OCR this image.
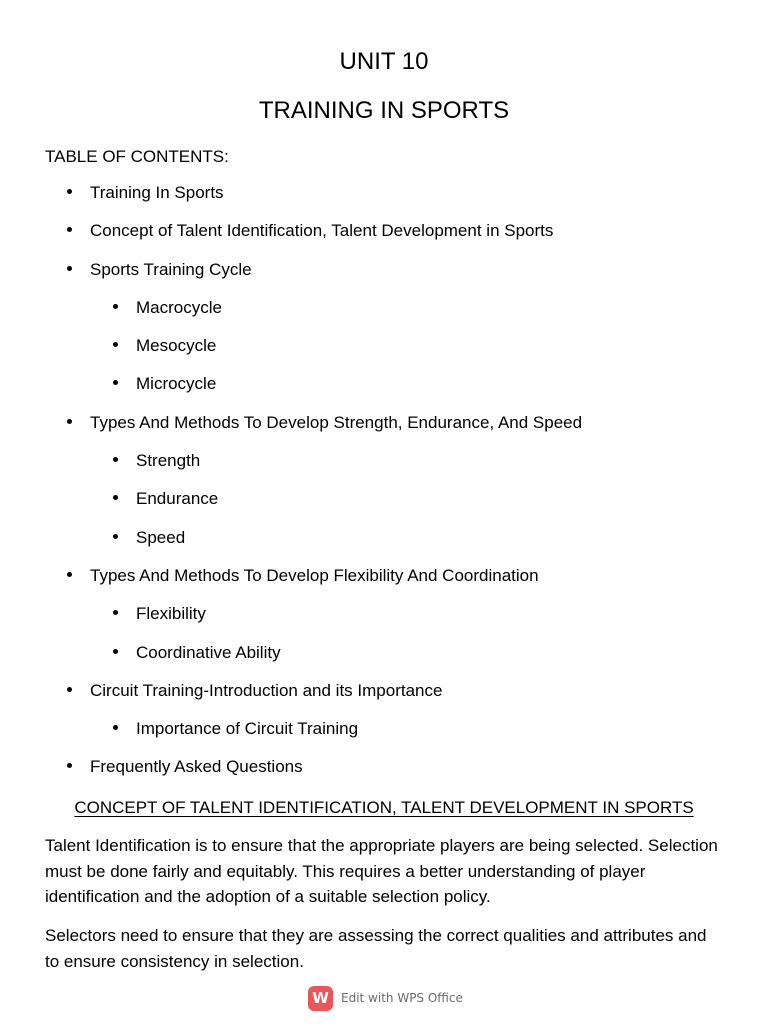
UNIT 10
TRAINING IN SPORTS
TABLE OF CONTENTS:
Training In Sports
Concept of Talent Identification, Talent Development in Sports
Sports Training Cycle
Macrocycle
Mesocycle
Microcycle
Types And Methods To Develop Strength, Endurance, And Speed
Strength
Endurance
Speed
Types And Methods To Develop Flexibility And Coordination
Flexibility
Coordinative Ability
Circuit Training-Introduction and its Importance
Importance of Circuit Training
Frequently Asked Questions
CONCEPT OF TALENT IDENTIFICATION, TALENT DEVELOPMENT IN SPORTS

Talent Identification is to ensure that the appropriate players are being selected. Selection must be done fairly and equitably. This requires a better understanding of player identification and the adoption of a suitable selection policy.

Selectors need to ensure that they are assessing the correct qualities and attributes and to ensure consistency in selection.

W	Edit with WPS Office
